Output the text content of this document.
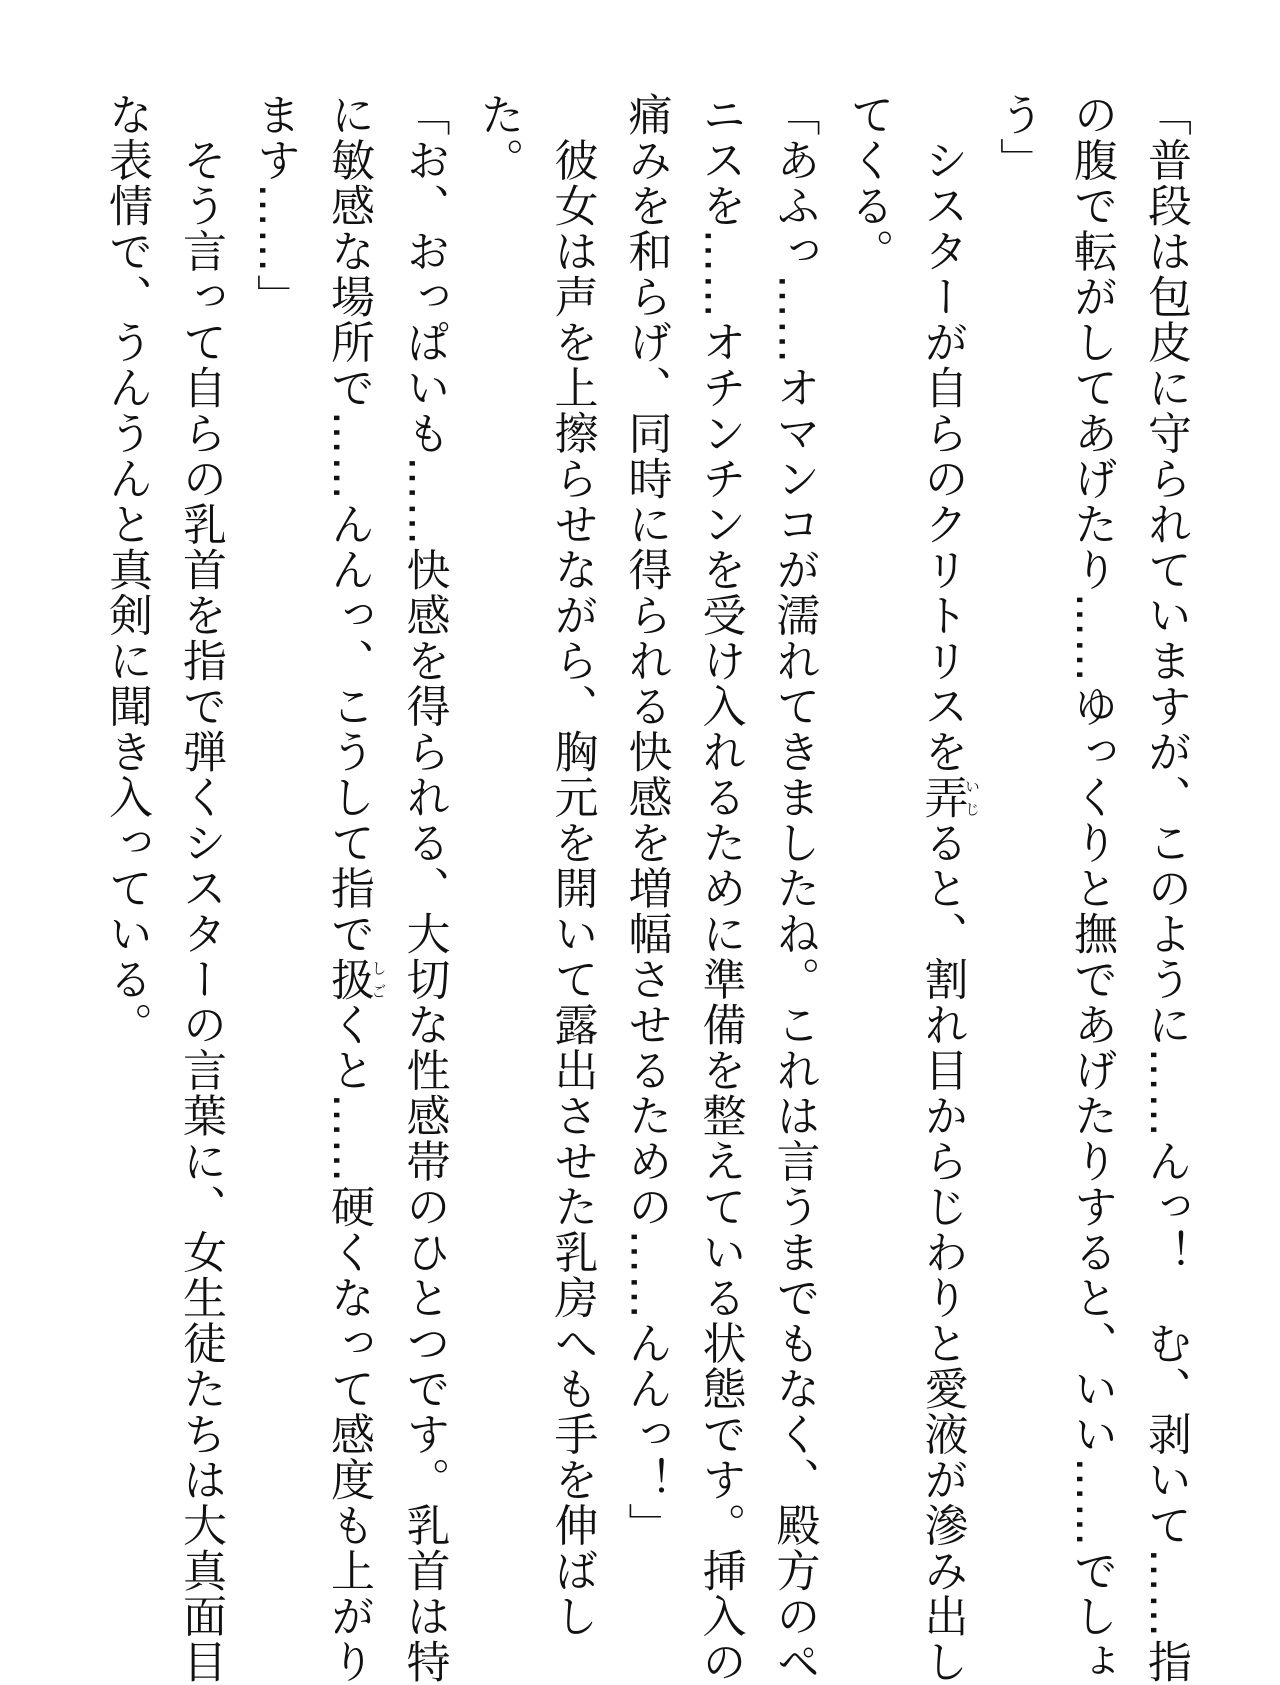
「普段は包皮に守られていますが、このように……んっ！　む、剥いて……指
の腹で転がしてあげたり……ゆっくりと撫であげたりすると、いい……でしょ
う」
　シスターが自らのクリトリスを弄いじると、割れ目からじわりと愛液が滲み出し
てくる。
「あふっ……オマンコが濡れてきましたね。これは言うまでもなく、殿方のペ
ニスを……オチンチンを受け入れるために準備を整えている状態です。挿入の
痛みを和らげ、同時に得られる快感を増幅させるための……んんっ！」
　彼女は声を上擦らせながら、胸元を開いて露出させた乳房へも手を伸ばし
た。
「お、おっぱいも……快感を得られる、大切な性感帯のひとつです。乳首は特
に敏感な場所で……んんっ、こうして指で扱しごくと……硬くなって感度も上がり
ます……」
　そう言って自らの乳首を指で弾くシスターの言葉に、女生徒たちは大真面目
な表情で、うんうんと真剣に聞き入っている。
